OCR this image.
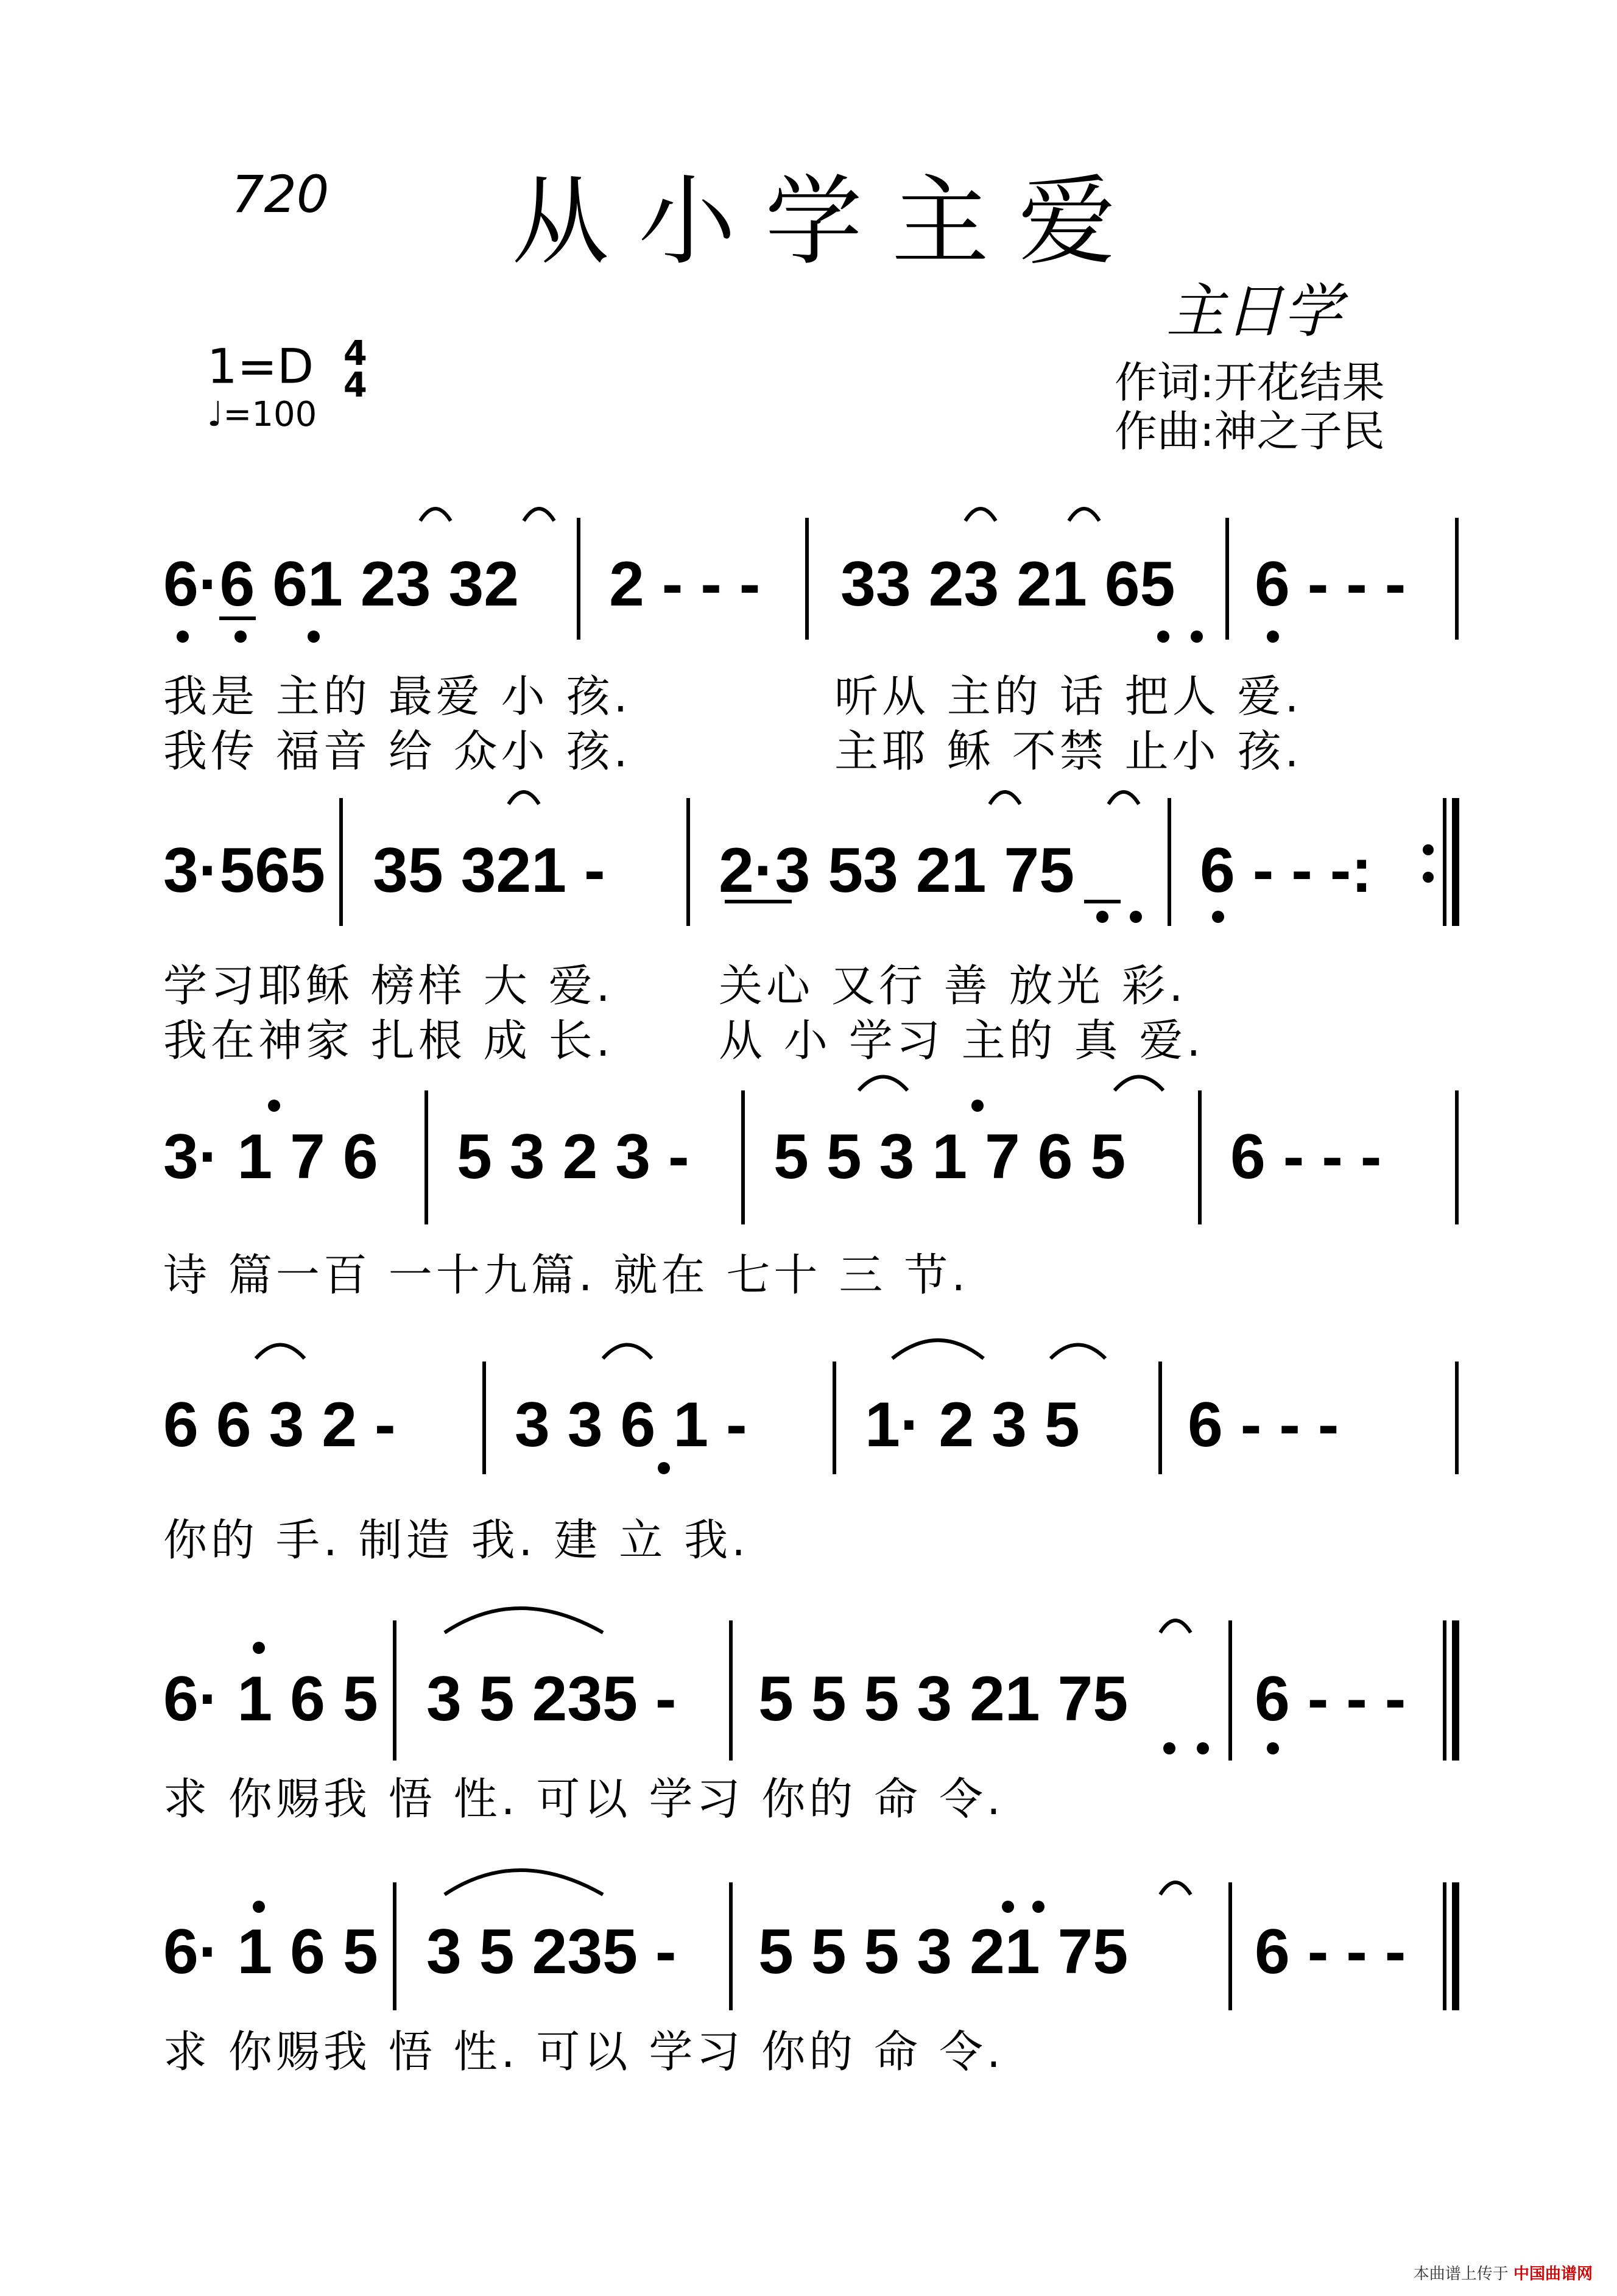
720 从小学主爱
主日学
1=D 4
4
♩=100
作词:开花结果
作曲:神之子民
6·6 61 23 32 2 - - - 33 23 21 65 6 - - -
我是 主的 最爱 小 孩.	听从 主的 话 把人 爱.
我传 福音 给 众小 孩.	主耶 稣 不禁 止小 孩.
3·565 35 321 - 2·3 53 21 75 6 - - -:
学习耶稣 榜样 大 爱. 关心 又行 善 放光 彩.
我在神家 扎根 成 长. 从 小 学习 主的 真 爱.
3· 1 7 6 5 3 2 3 - 5 5 3 1 7 6 5 6 - - -
诗 篇一百 一十九篇. 就在 七十 三 节.
6 6 3 2 - 3 3 6 1 - 1· 2 3 5 6 - - -
你的 手. 制造 我. 建 立 我.
6· 1 6 5 3 5 235 - 5 5 5 3 21 75 6 - - -
求 你赐我 悟 性. 可以 学习 你的 命 令.
6· 1 6 5 3 5 235 - 5 5 5 3 21 75 6 - - -
求 你赐我 悟 性. 可以 学习 你的 命 令.
本曲谱上传于 中国曲谱网
